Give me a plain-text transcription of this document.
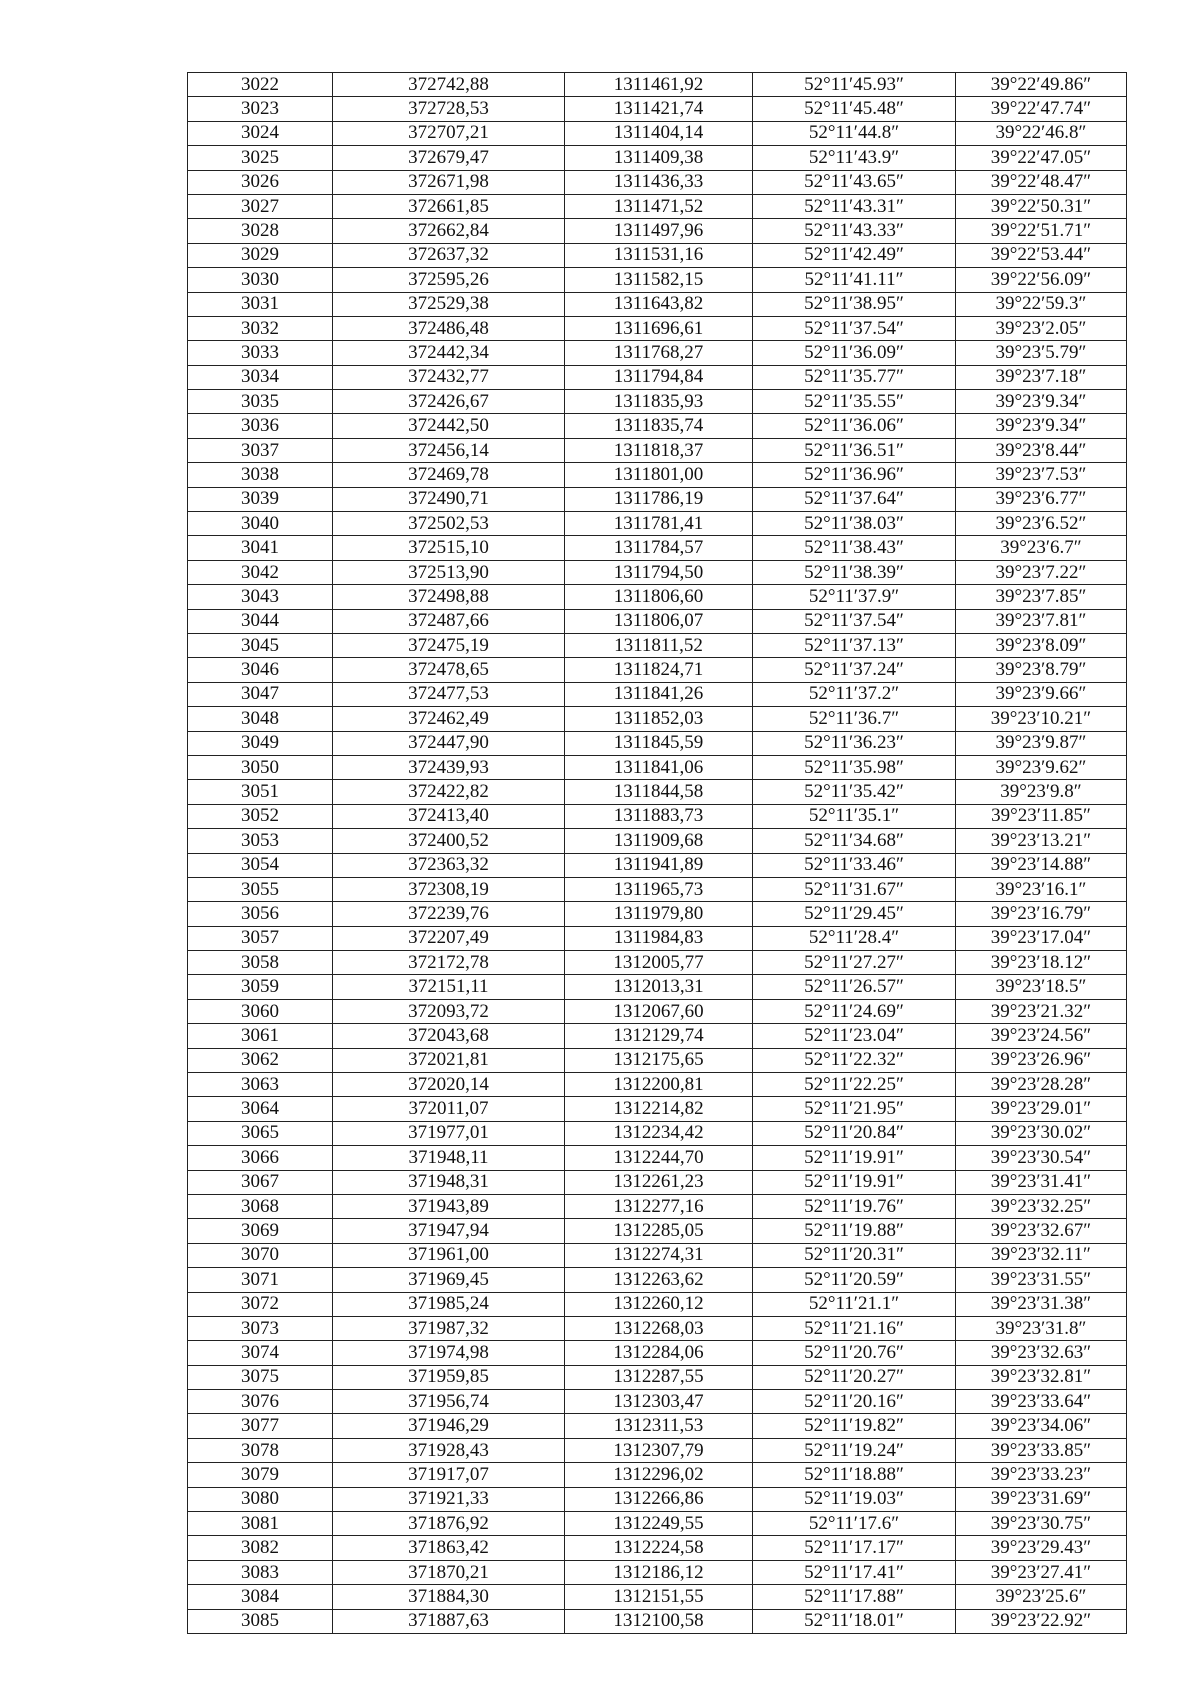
3022	372742,88	1311461,92	52°11′45.93″	39°22′49.86″
3023	372728,53	1311421,74	52°11′45.48″	39°22′47.74″
3024	372707,21	1311404,14	52°11′44.8″	39°22′46.8″
3025	372679,47	1311409,38	52°11′43.9″	39°22′47.05″
3026	372671,98	1311436,33	52°11′43.65″	39°22′48.47″
3027	372661,85	1311471,52	52°11′43.31″	39°22′50.31″
3028	372662,84	1311497,96	52°11′43.33″	39°22′51.71″
3029	372637,32	1311531,16	52°11′42.49″	39°22′53.44″
3030	372595,26	1311582,15	52°11′41.11″	39°22′56.09″
3031	372529,38	1311643,82	52°11′38.95″	39°22′59.3″
3032	372486,48	1311696,61	52°11′37.54″	39°23′2.05″
3033	372442,34	1311768,27	52°11′36.09″	39°23′5.79″
3034	372432,77	1311794,84	52°11′35.77″	39°23′7.18″
3035	372426,67	1311835,93	52°11′35.55″	39°23′9.34″
3036	372442,50	1311835,74	52°11′36.06″	39°23′9.34″
3037	372456,14	1311818,37	52°11′36.51″	39°23′8.44″
3038	372469,78	1311801,00	52°11′36.96″	39°23′7.53″
3039	372490,71	1311786,19	52°11′37.64″	39°23′6.77″
3040	372502,53	1311781,41	52°11′38.03″	39°23′6.52″
3041	372515,10	1311784,57	52°11′38.43″	39°23′6.7″
3042	372513,90	1311794,50	52°11′38.39″	39°23′7.22″
3043	372498,88	1311806,60	52°11′37.9″	39°23′7.85″
3044	372487,66	1311806,07	52°11′37.54″	39°23′7.81″
3045	372475,19	1311811,52	52°11′37.13″	39°23′8.09″
3046	372478,65	1311824,71	52°11′37.24″	39°23′8.79″
3047	372477,53	1311841,26	52°11′37.2″	39°23′9.66″
3048	372462,49	1311852,03	52°11′36.7″	39°23′10.21″
3049	372447,90	1311845,59	52°11′36.23″	39°23′9.87″
3050	372439,93	1311841,06	52°11′35.98″	39°23′9.62″
3051	372422,82	1311844,58	52°11′35.42″	39°23′9.8″
3052	372413,40	1311883,73	52°11′35.1″	39°23′11.85″
3053	372400,52	1311909,68	52°11′34.68″	39°23′13.21″
3054	372363,32	1311941,89	52°11′33.46″	39°23′14.88″
3055	372308,19	1311965,73	52°11′31.67″	39°23′16.1″
3056	372239,76	1311979,80	52°11′29.45″	39°23′16.79″
3057	372207,49	1311984,83	52°11′28.4″	39°23′17.04″
3058	372172,78	1312005,77	52°11′27.27″	39°23′18.12″
3059	372151,11	1312013,31	52°11′26.57″	39°23′18.5″
3060	372093,72	1312067,60	52°11′24.69″	39°23′21.32″
3061	372043,68	1312129,74	52°11′23.04″	39°23′24.56″
3062	372021,81	1312175,65	52°11′22.32″	39°23′26.96″
3063	372020,14	1312200,81	52°11′22.25″	39°23′28.28″
3064	372011,07	1312214,82	52°11′21.95″	39°23′29.01″
3065	371977,01	1312234,42	52°11′20.84″	39°23′30.02″
3066	371948,11	1312244,70	52°11′19.91″	39°23′30.54″
3067	371948,31	1312261,23	52°11′19.91″	39°23′31.41″
3068	371943,89	1312277,16	52°11′19.76″	39°23′32.25″
3069	371947,94	1312285,05	52°11′19.88″	39°23′32.67″
3070	371961,00	1312274,31	52°11′20.31″	39°23′32.11″
3071	371969,45	1312263,62	52°11′20.59″	39°23′31.55″
3072	371985,24	1312260,12	52°11′21.1″	39°23′31.38″
3073	371987,32	1312268,03	52°11′21.16″	39°23′31.8″
3074	371974,98	1312284,06	52°11′20.76″	39°23′32.63″
3075	371959,85	1312287,55	52°11′20.27″	39°23′32.81″
3076	371956,74	1312303,47	52°11′20.16″	39°23′33.64″
3077	371946,29	1312311,53	52°11′19.82″	39°23′34.06″
3078	371928,43	1312307,79	52°11′19.24″	39°23′33.85″
3079	371917,07	1312296,02	52°11′18.88″	39°23′33.23″
3080	371921,33	1312266,86	52°11′19.03″	39°23′31.69″
3081	371876,92	1312249,55	52°11′17.6″	39°23′30.75″
3082	371863,42	1312224,58	52°11′17.17″	39°23′29.43″
3083	371870,21	1312186,12	52°11′17.41″	39°23′27.41″
3084	371884,30	1312151,55	52°11′17.88″	39°23′25.6″
3085	371887,63	1312100,58	52°11′18.01″	39°23′22.92″
